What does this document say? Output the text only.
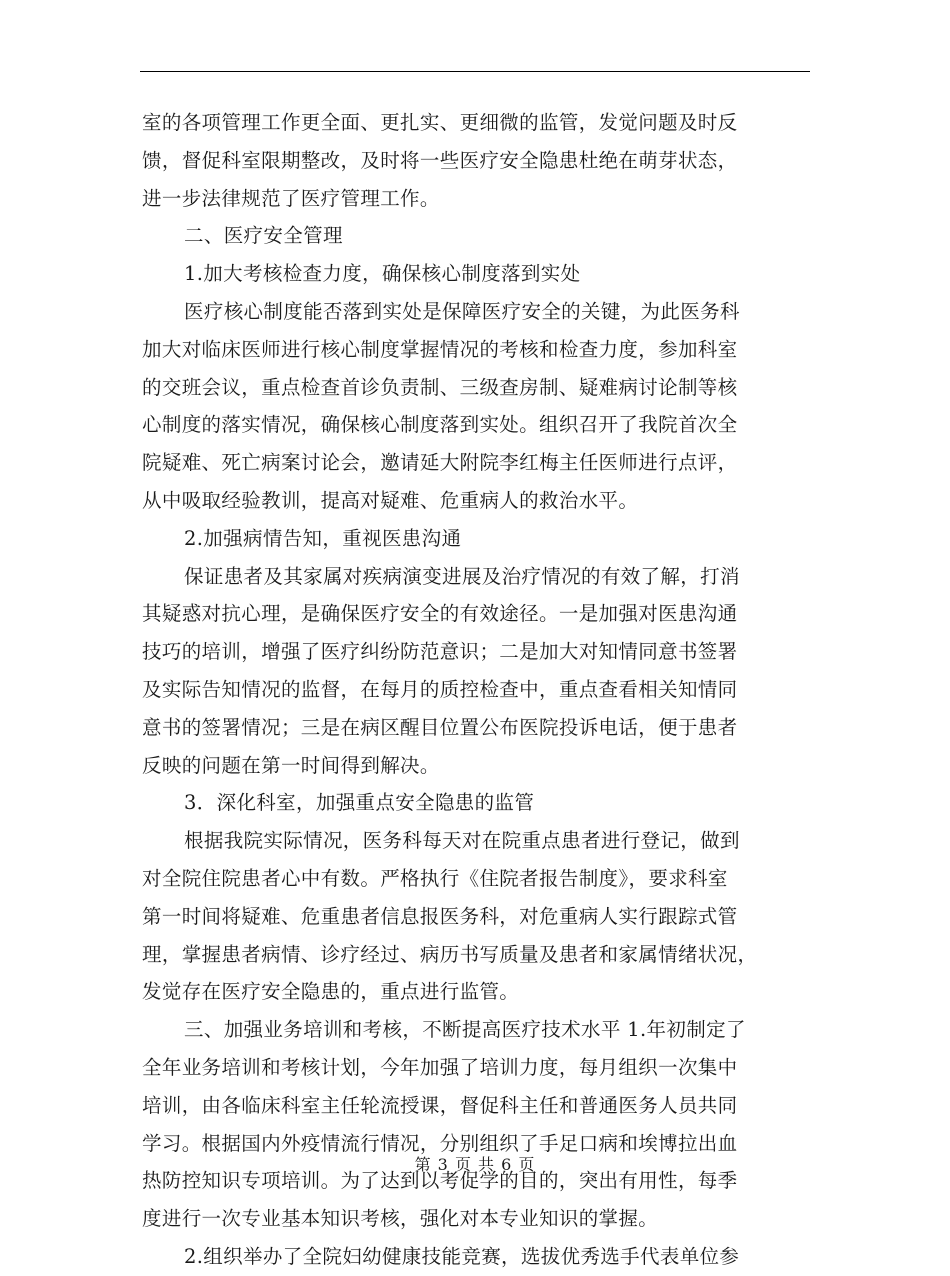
室的各项管理工作更全面、更扎实、更细微的监管，发觉问题及时反
馈，督促科室限期整改，及时将一些医疗安全隐患杜绝在萌芽状态，
进一步法律规范了医疗管理工作。
二、医疗安全管理
1.加大考核检查力度，确保核心制度落到实处
医疗核心制度能否落到实处是保障医疗安全的关键，为此医务科
加大对临床医师进行核心制度掌握情况的考核和检查力度，参加科室
的交班会议，重点检查首诊负责制、三级查房制、疑难病讨论制等核
心制度的落实情况，确保核心制度落到实处。组织召开了我院首次全
院疑难、死亡病案讨论会，邀请延大附院李红梅主任医师进行点评，
从中吸取经验教训，提高对疑难、危重病人的救治水平。
2.加强病情告知，重视医患沟通
保证患者及其家属对疾病演变进展及治疗情况的有效了解，打消
其疑惑对抗心理，是确保医疗安全的有效途径。一是加强对医患沟通
技巧的培训，增强了医疗纠纷防范意识；二是加大对知情同意书签署
及实际告知情况的监督，在每月的质控检查中，重点查看相关知情同
意书的签署情况；三是在病区醒目位置公布医院投诉电话，便于患者
反映的问题在第一时间得到解决。
3．深化科室，加强重点安全隐患的监管
根据我院实际情况，医务科每天对在院重点患者进行登记，做到
对全院住院患者心中有数。严格执行《住院者报告制度》，要求科室
第一时间将疑难、危重患者信息报医务科，对危重病人实行跟踪式管
理，掌握患者病情、诊疗经过、病历书写质量及患者和家属情绪状况，
发觉存在医疗安全隐患的，重点进行监管。
三、加强业务培训和考核，不断提高医疗技术水平 1.年初制定了
全年业务培训和考核计划，今年加强了培训力度，每月组织一次集中
培训，由各临床科室主任轮流授课，督促科主任和普通医务人员共同
学习。根据国内外疫情流行情况，分别组织了手足口病和埃博拉出血
热防控知识专项培训。为了达到以考促学的目的，突出有用性，每季
度进行一次专业基本知识考核，强化对本专业知识的掌握。
2.组织举办了全院妇幼健康技能竞赛，选拔优秀选手代表单位参
第 3 页 共 6 页
